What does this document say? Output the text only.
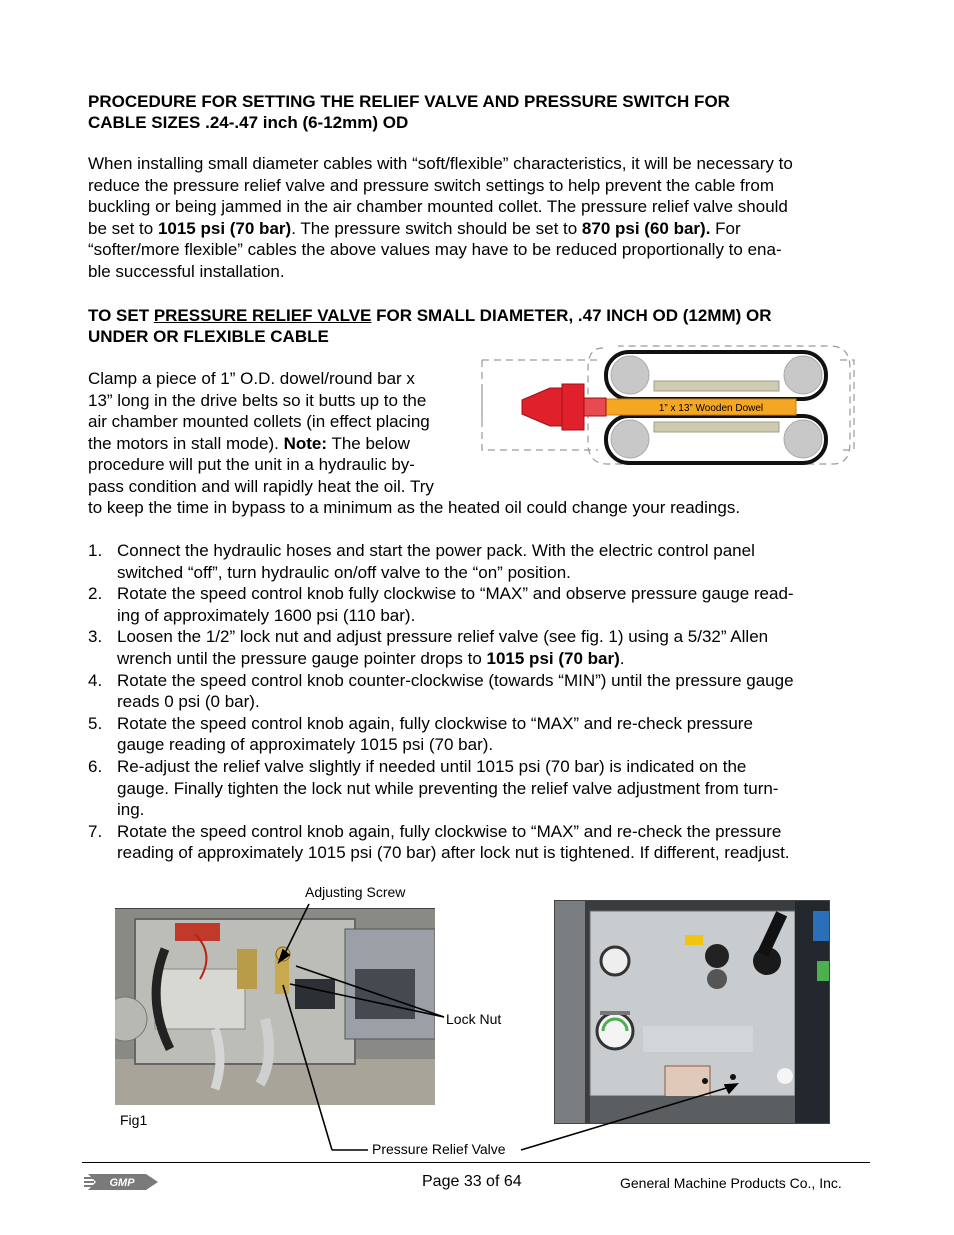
PROCEDURE FOR SETTING THE RELIEF VALVE AND PRESSURE SWITCH FOR
CABLE SIZES .24-.47 inch (6-12mm) OD
When installing small diameter cables with “soft/flexible” characteristics, it will be necessary to
reduce the pressure relief valve and pressure switch settings to help prevent the cable from
buckling or being jammed in the air chamber mounted collet. The pressure relief valve should
be set to 1015 psi (70 bar). The pressure switch should be set to 870 psi (60 bar). For
“softer/more flexible” cables the above values may have to be reduced proportionally to ena-
ble successful installation.
TO SET PRESSURE RELIEF VALVE FOR SMALL DIAMETER, .47 INCH OD (12MM) OR
UNDER OR FLEXIBLE CABLE
Clamp a piece of 1” O.D. dowel/round bar x
13” long in the drive belts so it butts up to the
air chamber mounted collets (in effect placing
the motors in stall mode). Note: The below
procedure will put the unit in a hydraulic by-
pass condition and will rapidly heat the oil. Try
to keep the time in bypass to a minimum as the heated oil could change your readings.
1” x 13” Wooden Dowel
1. Connect the hydraulic hoses and start the power pack. With the electric control panel
switched “off”, turn hydraulic on/off valve to the “on” position.
2. Rotate the speed control knob fully clockwise to “MAX” and observe pressure gauge read-
ing of approximately 1600 psi (110 bar).
3. Loosen the 1/2” lock nut and adjust pressure relief valve (see fig. 1) using a 5/32” Allen
wrench until the pressure gauge pointer drops to 1015 psi (70 bar).
4. Rotate the speed control knob counter-clockwise (towards “MIN”) until the pressure gauge
reads 0 psi (0 bar).
5. Rotate the speed control knob again, fully clockwise to “MAX” and re-check pressure
gauge reading of approximately 1015 psi (70 bar).
6. Re-adjust the relief valve slightly if needed until 1015 psi (70 bar) is indicated on the
gauge. Finally tighten the lock nut while preventing the relief valve adjustment from turn-
ing.
7. Rotate the speed control knob again, fully clockwise to “MAX” and re-check the pressure
reading of approximately 1015 psi (70 bar) after lock nut is tightened. If different, readjust.
Adjusting Screw
Lock Nut
Fig1
Pressure Relief Valve
GMP	Page 33 of 64	General Machine Products Co., Inc.
